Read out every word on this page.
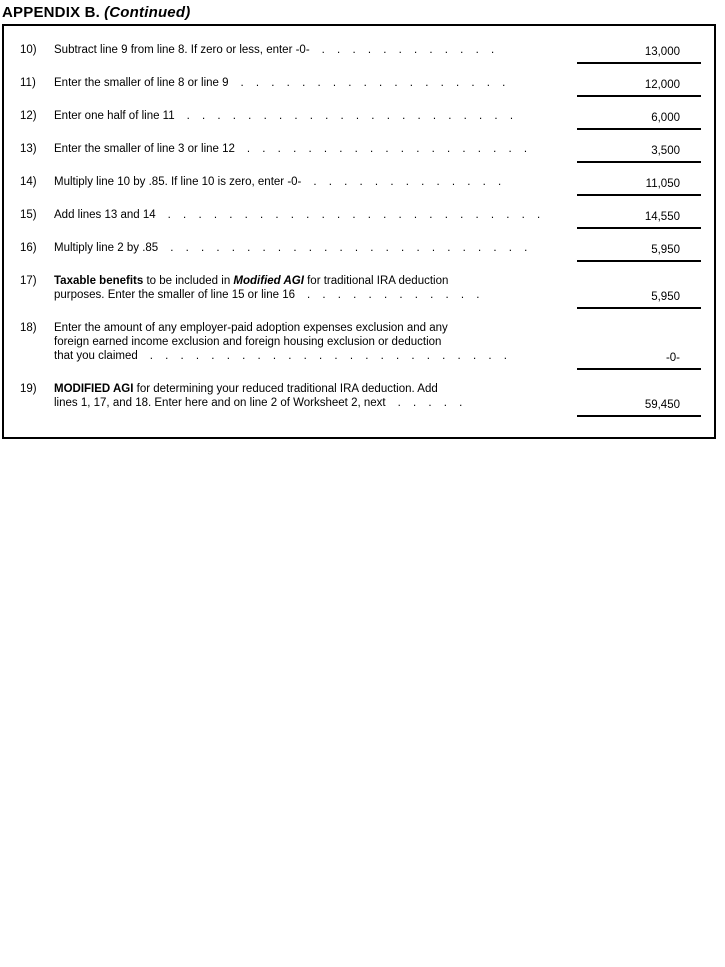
APPENDIX B. (Continued)
10)	Subtract line 9 from line 8. If zero or less, enter -0- . . . . . . . . . . . .	13,000
11)	Enter the smaller of line 8 or line 9 . . . . . . . . . . . . . . . . . .	12,000
12)	Enter one half of line 11 . . . . . . . . . . . . . . . . . . . . . .	6,000
13)	Enter the smaller of line 3 or line 12 . . . . . . . . . . . . . . . . . . .	3,500
14)	Multiply line 10 by .85. If line 10 is zero, enter -0- . . . . . . . . . . . . .	11,050
15)	Add lines 13 and 14 . . . . . . . . . . . . . . . . . . . . . . . . .	14,550
16)	Multiply line 2 by .85 . . . . . . . . . . . . . . . . . . . . . . . .	5,950
17)	Taxable benefits to be included in Modified AGI for traditional IRA deduction
purposes. Enter the smaller of line 15 or line 16 . . . . . . . . . . . .	5,950
18)	Enter the amount of any employer-paid adoption expenses exclusion and any
foreign earned income exclusion and foreign housing exclusion or deduction
that you claimed . . . . . . . . . . . . . . . . . . . . . . . .	-0-
19)	MODIFIED AGI for determining your reduced traditional IRA deduction. Add
lines 1, 17, and 18. Enter here and on line 2 of Worksheet 2, next . . . . .	59,450
